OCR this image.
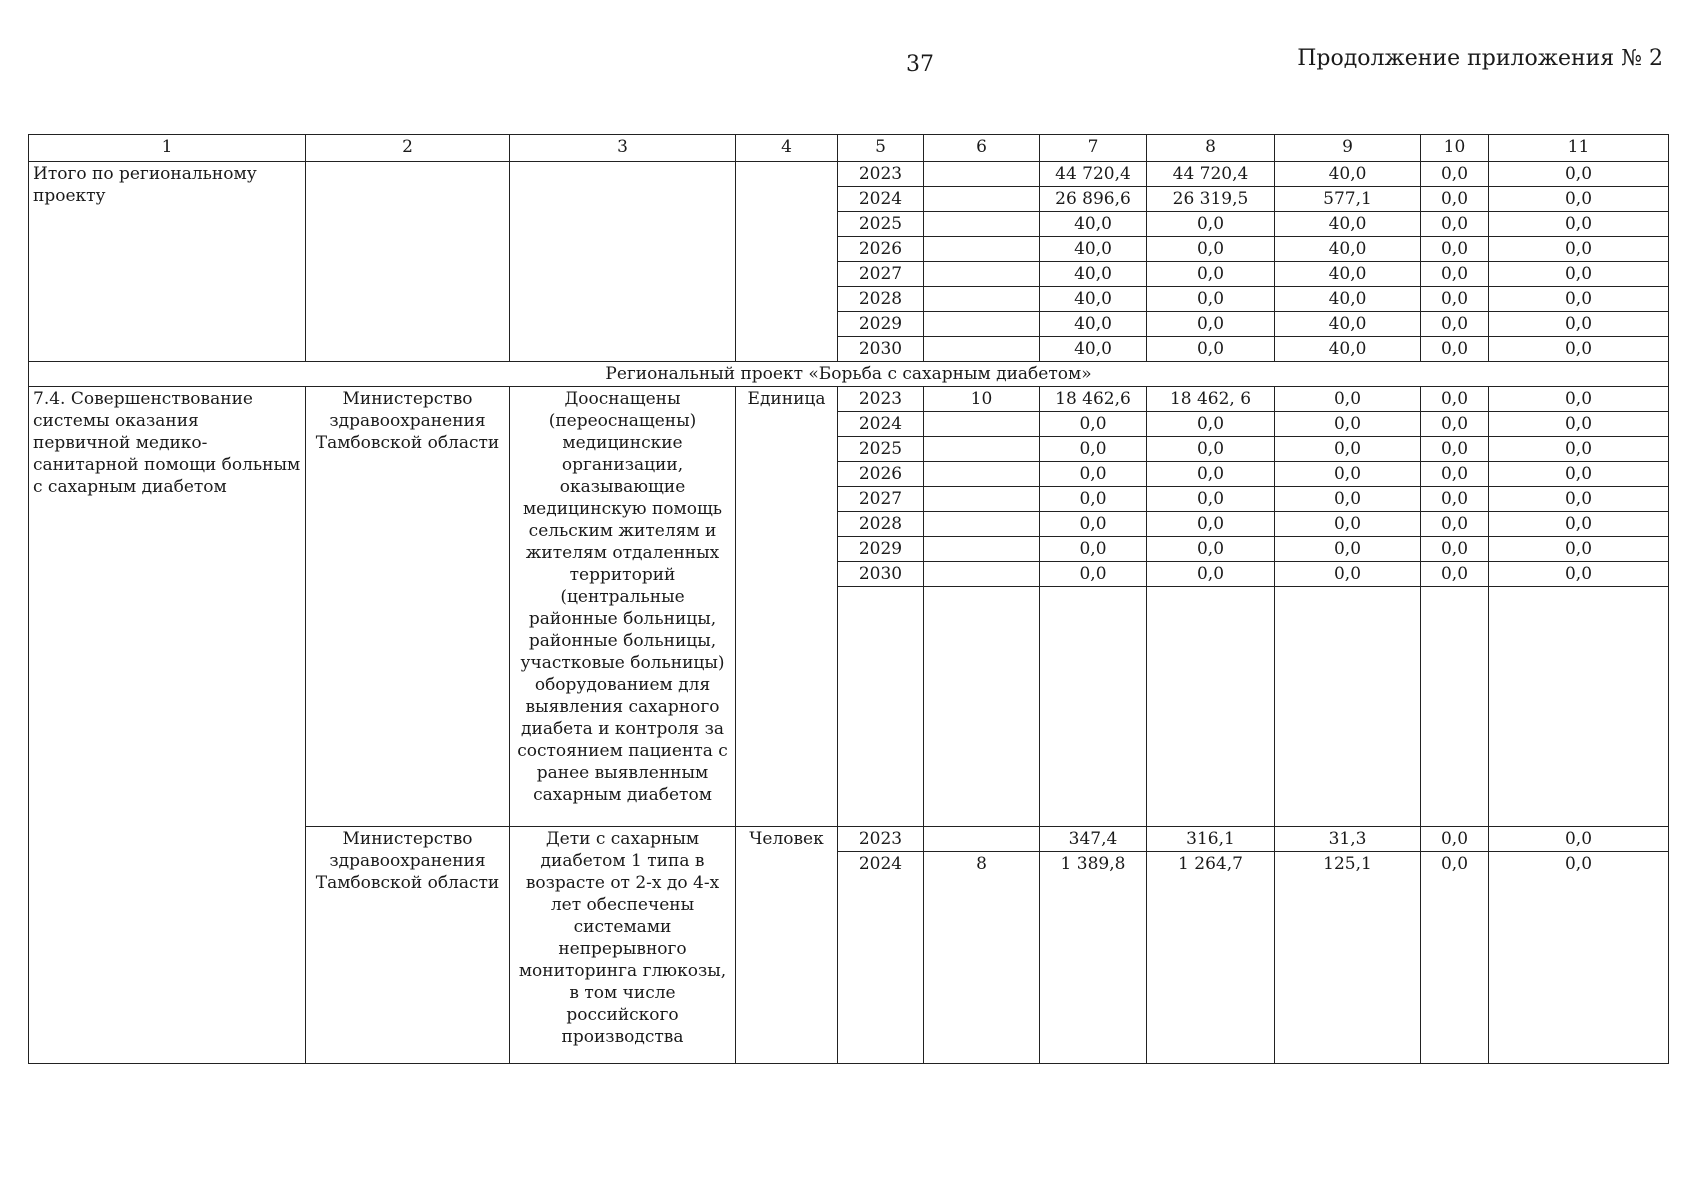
37	Продолжение приложения № 2
1	2	3	4	5	6	7	8	9	10	11
Итого по региональному проекту				2023		44 720,4	44 720,4	40,0	0,0	0,0
				2024		26 896,6	26 319,5	577,1	0,0	0,0
				2025		40,0	0,0	40,0	0,0	0,0
				2026		40,0	0,0	40,0	0,0	0,0
				2027		40,0	0,0	40,0	0,0	0,0
				2028		40,0	0,0	40,0	0,0	0,0
				2029		40,0	0,0	40,0	0,0	0,0
				2030		40,0	0,0	40,0	0,0	0,0
Региональный проект «Борьба с сахарным диабетом»										
7.4. Совершенствование системы оказания первичной медико-санитарной помощи больным с сахарным диабетом	Министерство здравоохранения Тамбовской области	Дооснащены (переоснащены) медицинские организации, оказывающие медицинскую помощь сельским жителям и жителям отдаленных территорий (центральные районные больницы, районные больницы, участковые больницы) оборудованием для выявления сахарного диабета и контроля за состоянием пациента с ранее выявленным сахарным диабетом	Единица	2023	10	18 462,6	18 462, 6	0,0	0,0	0,0
				2024		0,0	0,0	0,0	0,0	0,0
				2025		0,0	0,0	0,0	0,0	0,0
				2026		0,0	0,0	0,0	0,0	0,0
				2027		0,0	0,0	0,0	0,0	0,0
				2028		0,0	0,0	0,0	0,0	0,0
				2029		0,0	0,0	0,0	0,0	0,0
				2030		0,0	0,0	0,0	0,0	0,0

	Министерство здравоохранения Тамбовской области	Дети с сахарным диабетом 1 типа в возрасте от 2-х до 4-х лет обеспечены системами непрерывного мониторинга глюкозы, в том числе российского производства	Человек	2023		347,4	316,1	31,3	0,0	0,0
				2024	8	1 389,8	1 264,7	125,1	0,0	0,0
